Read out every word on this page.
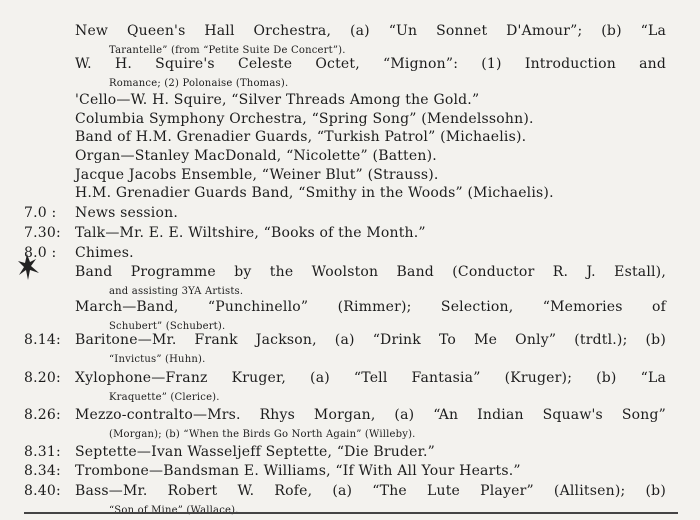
New Queen's Hall Orchestra, (a) “Un Sonnet D'Amour”; (b) “La
Tarantelle” (from “Petite Suite De Concert”).
W. H. Squire's Celeste Octet, “Mignon”: (1) Introduction and
Romance; (2) Polonaise (Thomas).
'Cello—W. H. Squire, “Silver Threads Among the Gold.”
Columbia Symphony Orchestra, “Spring Song” (Mendelssohn).
Band of H.M. Grenadier Guards, “Turkish Patrol” (Michaelis).
Organ—Stanley MacDonald, “Nicolette” (Batten).
Jacque Jacobs Ensemble, “Weiner Blut” (Strauss).
H.M. Grenadier Guards Band, “Smithy in the Woods” (Michaelis).
7.0 : News session.
7.30: Talk—Mr. E. E. Wiltshire, “Books of the Month.”
8.0 : Chimes.
Band Programme by the Woolston Band (Conductor R. J. Estall),
and assisting 3YA Artists.
March—Band, “Punchinello” (Rimmer); Selection, “Memories of
Schubert” (Schubert).
8.14: Baritone—Mr. Frank Jackson, (a) “Drink To Me Only” (trdtl.); (b)
“Invictus” (Huhn).
8.20: Xylophone—Franz Kruger, (a) “Tell Fantasia” (Kruger); (b) “La
Kraquette” (Clerice).
8.26: Mezzo-contralto—Mrs. Rhys Morgan, (a) “An Indian Squaw's Song”
(Morgan); (b) “When the Birds Go North Again” (Willeby).
8.31: Septette—Ivan Wasseljeff Septette, “Die Bruder.”
8.34: Trombone—Bandsman E. Williams, “If With All Your Hearts.”
8.40: Bass—Mr. Robert W. Rofe, (a) “The Lute Player” (Allitsen); (b)
“Son of Mine” (Wallace).
